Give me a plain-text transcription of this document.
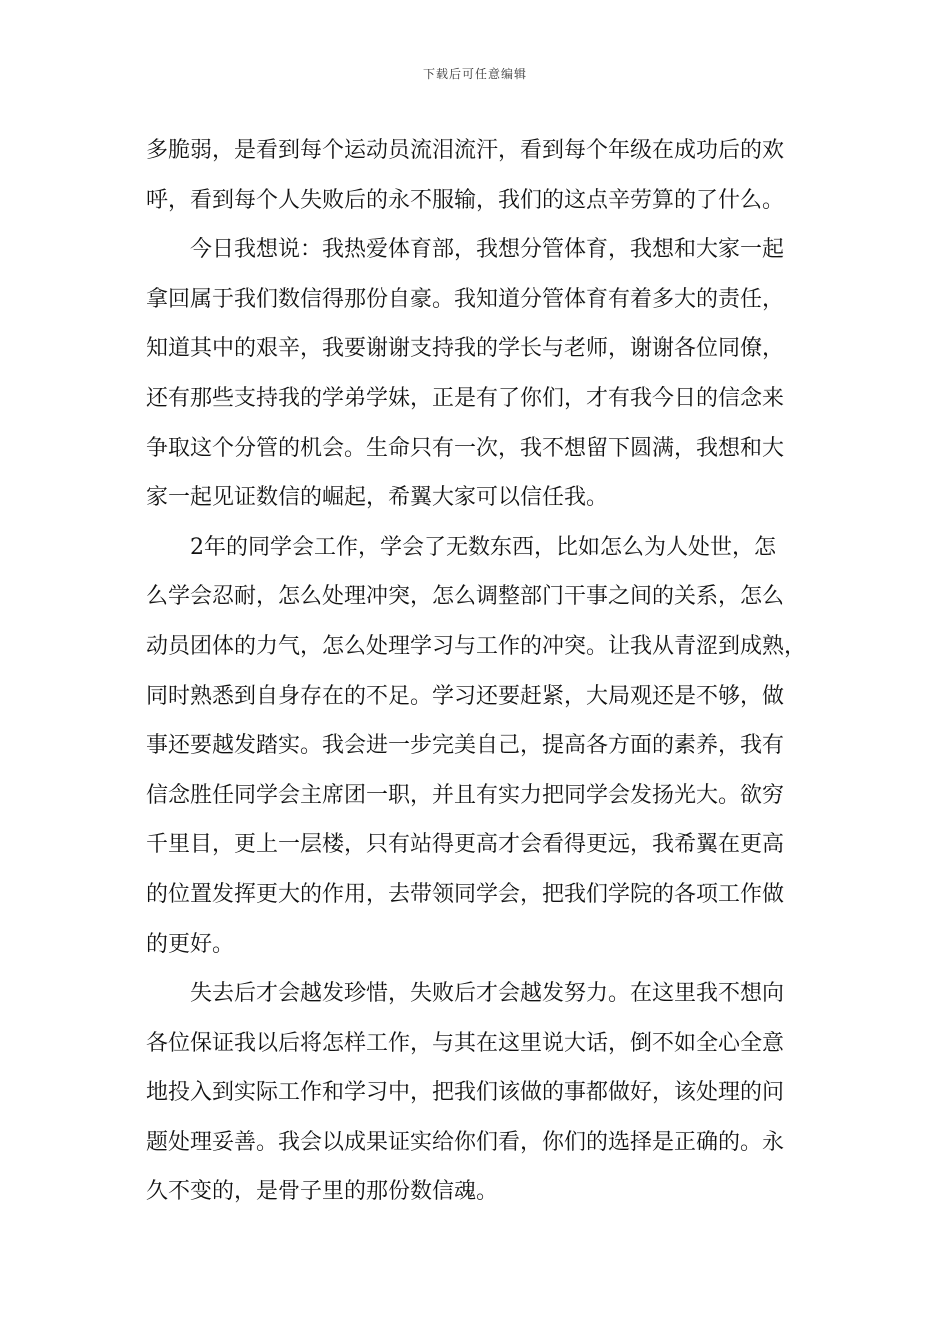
下载后可任意编辑
多脆弱，是看到每个运动员流泪流汗，看到每个年级在成功后的欢
呼，看到每个人失败后的永不服输，我们的这点辛劳算的了什么。
今日我想说：我热爱体育部，我想分管体育，我想和大家一起
拿回属于我们数信得那份自豪。我知道分管体育有着多大的责任，
知道其中的艰辛，我要谢谢支持我的学长与老师，谢谢各位同僚，
还有那些支持我的学弟学妹，正是有了你们，才有我今日的信念来
争取这个分管的机会。生命只有一次，我不想留下圆满，我想和大
家一起见证数信的崛起，希翼大家可以信任我。
2年的同学会工作，学会了无数东西，比如怎么为人处世，怎
么学会忍耐，怎么处理冲突，怎么调整部门干事之间的关系，怎么
动员团体的力气，怎么处理学习与工作的冲突。让我从青涩到成熟，
同时熟悉到自身存在的不足。学习还要赶紧，大局观还是不够，做
事还要越发踏实。我会进一步完美自己，提高各方面的素养，我有
信念胜任同学会主席团一职，并且有实力把同学会发扬光大。欲穷
千里目，更上一层楼，只有站得更高才会看得更远，我希翼在更高
的位置发挥更大的作用，去带领同学会，把我们学院的各项工作做
的更好。
失去后才会越发珍惜，失败后才会越发努力。在这里我不想向
各位保证我以后将怎样工作，与其在这里说大话，倒不如全心全意
地投入到实际工作和学习中，把我们该做的事都做好，该处理的问
题处理妥善。我会以成果证实给你们看，你们的选择是正确的。永
久不变的，是骨子里的那份数信魂。
